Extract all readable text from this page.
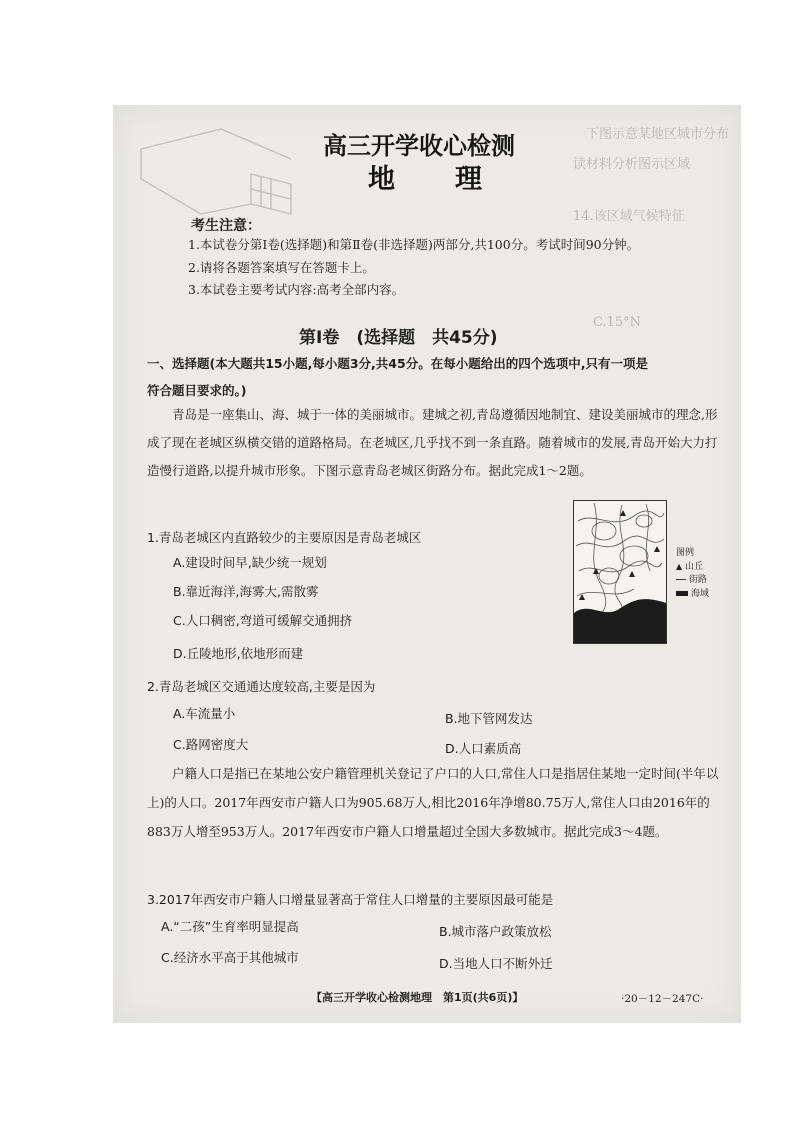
下图示意某地区城市分布
读材料分析图示区域
14.该区域气候特征
C.15°N
高三开学收心检测
地理
考生注意：
1.本试卷分第Ⅰ卷(选择题)和第Ⅱ卷(非选择题)两部分,共100分。考试时间90分钟。
2.请将各题答案填写在答题卡上。
3.本试卷主要考试内容:高考全部内容。
第Ⅰ卷　(选择题　共45分)
一、选择题(本大题共15小题,每小题3分,共45分。在每小题给出的四个选项中,只有一项是
符合题目要求的。)
青岛是一座集山、海、城于一体的美丽城市。建城之初,青岛遵循因地制宜、建设美丽城市的理念,形成了现在老城区纵横交错的道路格局。在老城区,几乎找不到一条直路。随着城市的发展,青岛开始大力打造慢行道路,以提升城市形象。下图示意青岛老城区街路分布。据此完成1～2题。
1.青岛老城区内直路较少的主要原因是青岛老城区
A.建设时间早,缺少统一规划
B.靠近海洋,海雾大,需散雾
C.人口稠密,弯道可缓解交通拥挤
D.丘陵地形,依地形而建
图例
▲ 山丘
街路
海域
2.青岛老城区交通通达度较高,主要是因为
A.车流量小	B.地下管网发达
C.路网密度大	D.人口素质高
户籍人口是指已在某地公安户籍管理机关登记了户口的人口,常住人口是指居住某地一定时间(半年以上)的人口。2017年西安市户籍人口为905.68万人,相比2016年净增80.75万人,常住人口由2016年的883万人增至953万人。2017年西安市户籍人口增量超过全国大多数城市。据此完成3～4题。
3.2017年西安市户籍人口增量显著高于常住人口增量的主要原因最可能是
A.“二孩”生育率明显提高	B.城市落户政策放松
C.经济水平高于其他城市	D.当地人口不断外迁
【高三开学收心检测地理　第1页(共6页)】	·20－12－247C·
